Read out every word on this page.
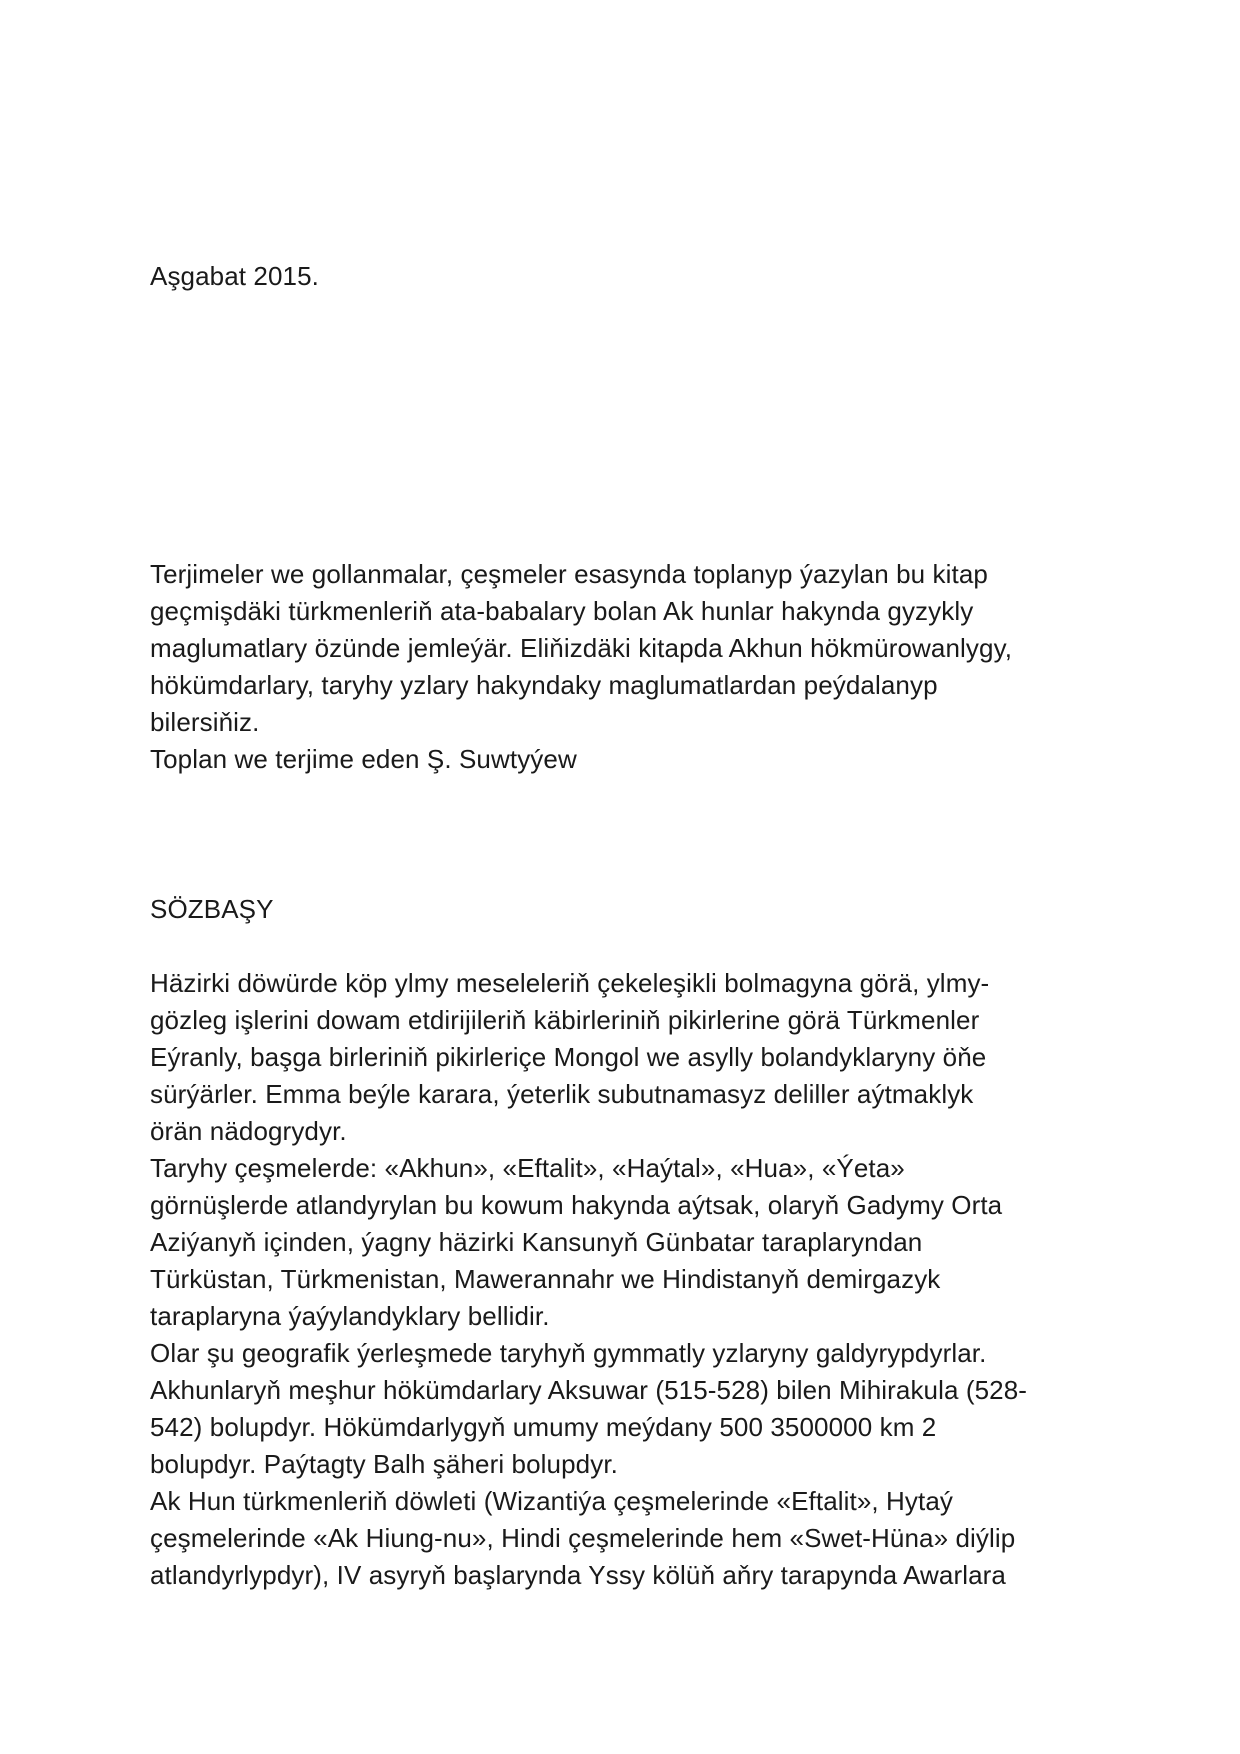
Aşgabat 2015.
Terjimeler we gollanmalar, çeşmeler esasynda toplanyp ýazylan bu kitap
geçmişdäki türkmenleriň ata-babalary bolan Ak hunlar hakynda gyzykly
maglumatlary özünde jemleýär. Eliňizdäki kitapda Akhun hökmürowanlygy,
hökümdarlary, taryhy yzlary hakyndaky maglumatlardan peýdalanyp
bilersiňiz.
Toplan we terjime eden Ş. Suwtyýew
SÖZBAŞY
Häzirki döwürde köp ylmy meseleleriň çekeleşikli bolmagyna görä, ylmy-
gözleg işlerini dowam etdirijileriň käbirleriniň pikirlerine görä Türkmenler
Eýranly, başga birleriniň pikirleriçe Mongol we asylly bolandyklaryny öňe
sürýärler. Emma beýle karara, ýeterlik subutnamasyz deliller aýtmaklyk
örän nädogrydyr.
Taryhy çeşmelerde: «Akhun», «Eftalit», «Haýtal», «Hua», «Ýeta»
görnüşlerde atlandyrylan bu kowum hakynda aýtsak, olaryň Gadymy Orta
Aziýanyň içinden, ýagny häzirki Kansunyň Günbatar taraplaryndan
Türküstan, Türkmenistan, Mawerannahr we Hindistanyň demirgazyk
taraplaryna ýaýylandyklary bellidir.
Olar şu geografik ýerleşmede taryhyň gymmatly yzlaryny galdyrypdyrlar.
Akhunlaryň meşhur hökümdarlary Aksuwar (515-528) bilen Mihirakula (528-
542) bolupdyr. Hökümdarlygyň umumy meýdany 500 3500000 km 2
bolupdyr. Paýtagty Balh şäheri bolupdyr.
Ak Hun türkmenleriň döwleti (Wizantiýa çeşmelerinde «Eftalit», Hytaý
çeşmelerinde «Ak Hiung-nu», Hindi çeşmelerinde hem «Swet-Hüna» diýlip
atlandyrlypdyr), IV asyryň başlarynda Yssy kölüň aňry tarapynda Awarlara
